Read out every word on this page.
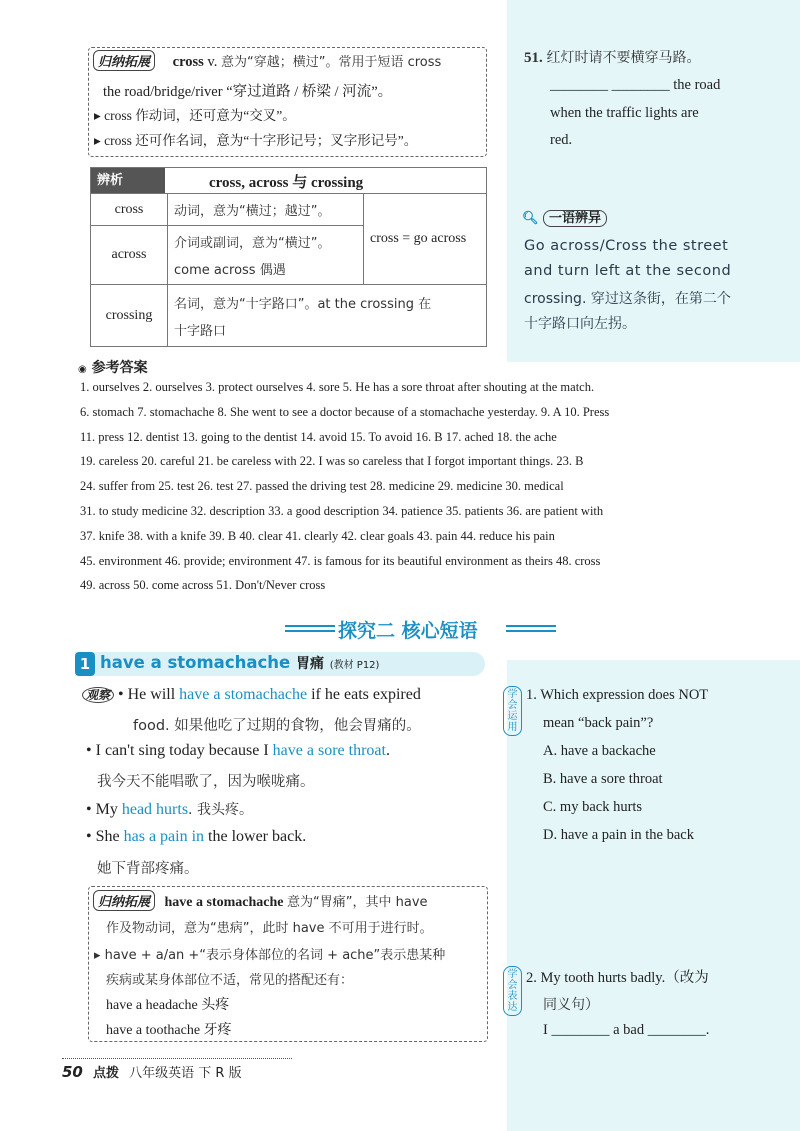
归纳拓展 cross v. 意为“穿越；横过”。常用于短语 cross
the road/bridge/river “穿过道路 / 桥梁 / 河流”。
▸ cross 作动词，还可意为“交叉”。
▸ cross 还可作名词，意为“十字形记号；叉字形记号”。
辨析	cross, across 与 crossing
cross	动词，意为“横过；越过”。	cross = go across
across	介词或副词，意为“横过”。
come across 偶遇	

crossing	名词，意为“十字路口”。at the crossing 在
十字路口	
51. 红灯时请不要横穿马路。
________ ________ the road
when the traffic lights are
red.
🔍︎ 一语辨异
Go across/Cross the street
and turn left at the second
crossing. 穿过这条街，在第二个
十字路口向左拐。
◉ 参考答案
1. ourselves 2. ourselves 3. protect ourselves 4. sore 5. He has a sore throat after shouting at the match.
6. stomach 7. stomachache 8. She went to see a doctor because of a stomachache yesterday. 9. A 10. Press
11. press 12. dentist 13. going to the dentist 14. avoid 15. To avoid 16. B 17. ached 18. the ache
19. careless 20. careful 21. be careless with 22. I was so careless that I forgot important things. 23. B
24. suffer from 25. test 26. test 27. passed the driving test 28. medicine 29. medicine 30. medical
31. to study medicine 32. description 33. a good description 34. patience 35. patients 36. are patient with
37. knife 38. with a knife 39. B 40. clear 41. clearly 42. clear goals 43. pain 44. reduce his pain
45. environment 46. provide; environment 47. is famous for its beautiful environment as theirs 48. cross
49. across 50. come across 51. Don't/Never cross
探究二 核心短语
1 have a stomachache 胃痛 (教材 P12)
观察 • He will have a stomachache if he eats expired
food. 如果他吃了过期的食物，他会胃痛的。
• I can't sing today because I have a sore throat.
我今天不能唱歌了，因为喉咙痛。
• My head hurts. 我头疼。
• She has a pain in the lower back.
她下背部疼痛。
归纳拓展 have a stomachache 意为“胃痛”，其中 have
作及物动词，意为“患病”，此时 have 不可用于进行时。
▸ have + a/an +“表示身体部位的名词 + ache”表示患某种
疾病或某身体部位不适，常见的搭配还有：
have a headache 头疼
have a toothache 牙疼
学会运用
1. Which expression does NOT
mean “back pain”?
A. have a backache
B. have a sore throat
C. my back hurts
D. have a pain in the back
学会表达
2. My tooth hurts badly.（改为
同义句）
I ________ a bad ________.
50 点拨 八年级英语 下 R 版
